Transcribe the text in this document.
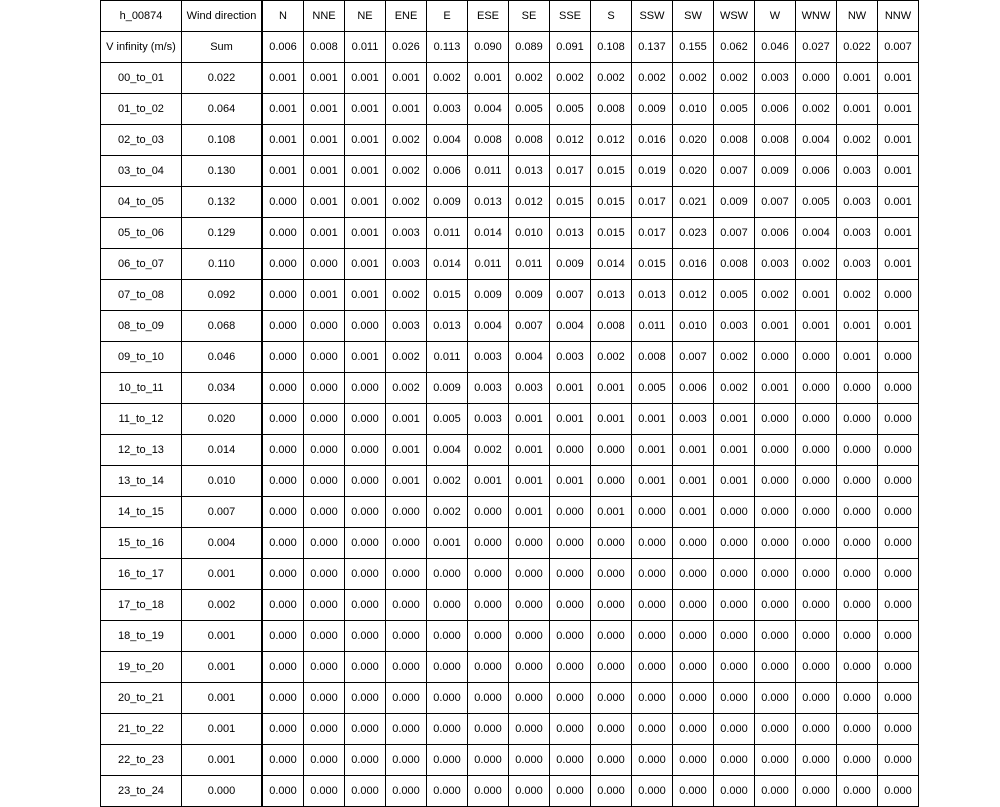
h_00874	Wind direction	N	NNE	NE	ENE	E	ESE	SE	SSE	S	SSW	SW	WSW	W	WNW	NW	NNW
V infinity (m/s)	Sum	0.006	0.008	0.011	0.026	0.113	0.090	0.089	0.091	0.108	0.137	0.155	0.062	0.046	0.027	0.022	0.007
00_to_01	0.022	0.001	0.001	0.001	0.001	0.002	0.001	0.002	0.002	0.002	0.002	0.002	0.002	0.003	0.000	0.001	0.001
01_to_02	0.064	0.001	0.001	0.001	0.001	0.003	0.004	0.005	0.005	0.008	0.009	0.010	0.005	0.006	0.002	0.001	0.001
02_to_03	0.108	0.001	0.001	0.001	0.002	0.004	0.008	0.008	0.012	0.012	0.016	0.020	0.008	0.008	0.004	0.002	0.001
03_to_04	0.130	0.001	0.001	0.001	0.002	0.006	0.011	0.013	0.017	0.015	0.019	0.020	0.007	0.009	0.006	0.003	0.001
04_to_05	0.132	0.000	0.001	0.001	0.002	0.009	0.013	0.012	0.015	0.015	0.017	0.021	0.009	0.007	0.005	0.003	0.001
05_to_06	0.129	0.000	0.001	0.001	0.003	0.011	0.014	0.010	0.013	0.015	0.017	0.023	0.007	0.006	0.004	0.003	0.001
06_to_07	0.110	0.000	0.000	0.001	0.003	0.014	0.011	0.011	0.009	0.014	0.015	0.016	0.008	0.003	0.002	0.003	0.001
07_to_08	0.092	0.000	0.001	0.001	0.002	0.015	0.009	0.009	0.007	0.013	0.013	0.012	0.005	0.002	0.001	0.002	0.000
08_to_09	0.068	0.000	0.000	0.000	0.003	0.013	0.004	0.007	0.004	0.008	0.011	0.010	0.003	0.001	0.001	0.001	0.001
09_to_10	0.046	0.000	0.000	0.001	0.002	0.011	0.003	0.004	0.003	0.002	0.008	0.007	0.002	0.000	0.000	0.001	0.000
10_to_11	0.034	0.000	0.000	0.000	0.002	0.009	0.003	0.003	0.001	0.001	0.005	0.006	0.002	0.001	0.000	0.000	0.000
11_to_12	0.020	0.000	0.000	0.000	0.001	0.005	0.003	0.001	0.001	0.001	0.001	0.003	0.001	0.000	0.000	0.000	0.000
12_to_13	0.014	0.000	0.000	0.000	0.001	0.004	0.002	0.001	0.000	0.000	0.001	0.001	0.001	0.000	0.000	0.000	0.000
13_to_14	0.010	0.000	0.000	0.000	0.001	0.002	0.001	0.001	0.001	0.000	0.001	0.001	0.001	0.000	0.000	0.000	0.000
14_to_15	0.007	0.000	0.000	0.000	0.000	0.002	0.000	0.001	0.000	0.001	0.000	0.001	0.000	0.000	0.000	0.000	0.000
15_to_16	0.004	0.000	0.000	0.000	0.000	0.001	0.000	0.000	0.000	0.000	0.000	0.000	0.000	0.000	0.000	0.000	0.000
16_to_17	0.001	0.000	0.000	0.000	0.000	0.000	0.000	0.000	0.000	0.000	0.000	0.000	0.000	0.000	0.000	0.000	0.000
17_to_18	0.002	0.000	0.000	0.000	0.000	0.000	0.000	0.000	0.000	0.000	0.000	0.000	0.000	0.000	0.000	0.000	0.000
18_to_19	0.001	0.000	0.000	0.000	0.000	0.000	0.000	0.000	0.000	0.000	0.000	0.000	0.000	0.000	0.000	0.000	0.000
19_to_20	0.001	0.000	0.000	0.000	0.000	0.000	0.000	0.000	0.000	0.000	0.000	0.000	0.000	0.000	0.000	0.000	0.000
20_to_21	0.001	0.000	0.000	0.000	0.000	0.000	0.000	0.000	0.000	0.000	0.000	0.000	0.000	0.000	0.000	0.000	0.000
21_to_22	0.001	0.000	0.000	0.000	0.000	0.000	0.000	0.000	0.000	0.000	0.000	0.000	0.000	0.000	0.000	0.000	0.000
22_to_23	0.001	0.000	0.000	0.000	0.000	0.000	0.000	0.000	0.000	0.000	0.000	0.000	0.000	0.000	0.000	0.000	0.000
23_to_24	0.000	0.000	0.000	0.000	0.000	0.000	0.000	0.000	0.000	0.000	0.000	0.000	0.000	0.000	0.000	0.000	0.000
